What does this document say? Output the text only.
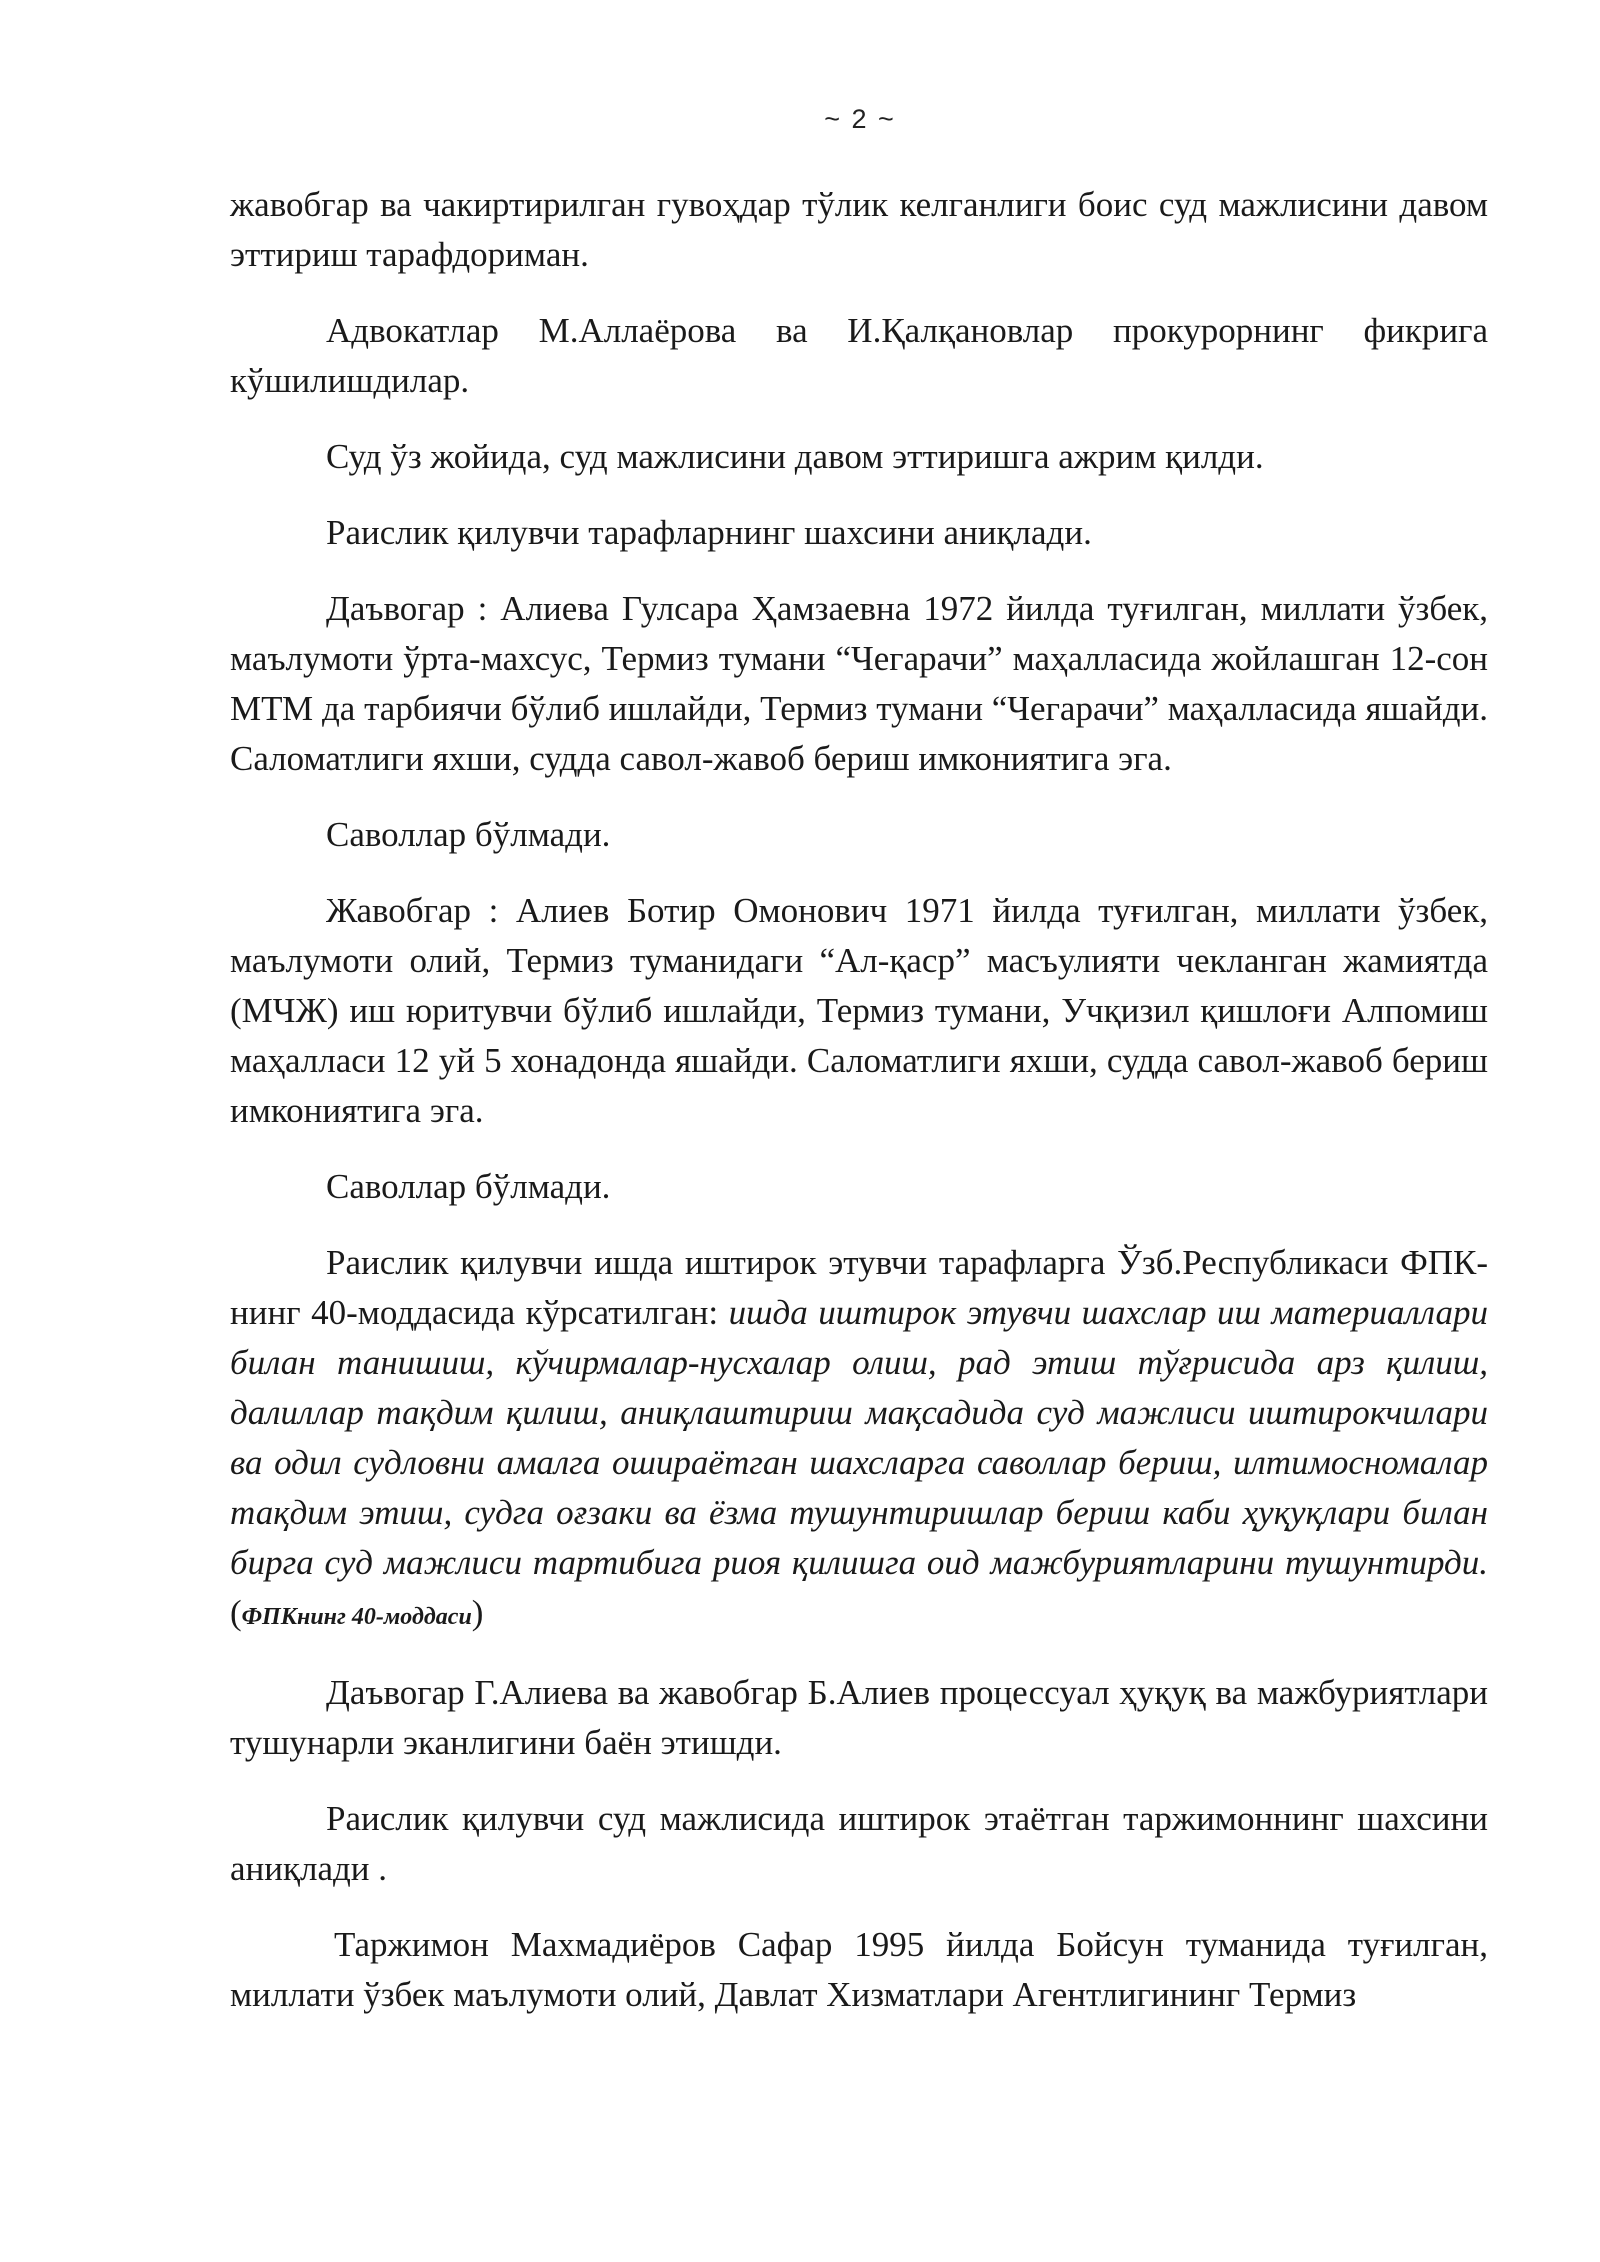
~ 2 ~

жавобгар ва чакиртирилган гувоҳдар тўлик келганлиги боис суд мажлисини давом эттириш тарафдориман.

Адвокатлар М.Аллаёрова ва И.Қалқановлар прокурорнинг фикрига кўшилишдилар.

Суд ўз жойида, суд мажлисини давом эттиришга ажрим қилди.

Раислик қилувчи тарафларнинг шахсини аниқлади.

Даъвогар : Алиева Гулсара Ҳамзаевна 1972 йилда туғилган, миллати ўзбек, маълумоти ўрта-махсус, Термиз тумани “Чегарачи” маҳалласида жойлашган 12-сон МТМ да тарбиячи бўлиб ишлайди, Термиз тумани “Чегарачи” маҳалласида яшайди. Саломатлиги яхши, судда савол-жавоб бериш имкониятига эга.

Саволлар бўлмади.

Жавобгар : Алиев Ботир Омонович 1971 йилда туғилган, миллати ўзбек, маълумоти олий, Термиз туманидаги “Ал-қаср” масъулияти чекланган жамиятда (МЧЖ) иш юритувчи бўлиб ишлайди, Термиз тумани, Учқизил қишлоғи Алпомиш маҳалласи 12 уй 5 хонадонда яшайди. Саломатлиги яхши, судда савол-жавоб бериш имкониятига эга.

Саволлар бўлмади.

Раислик қилувчи ишда иштирок этувчи тарафларга Ўзб.Республикаси ФПК-нинг 40-моддасида кўрсатилган: ишда иштирок этувчи шахслар иш материаллари билан танишиш, кўчирмалар-нусхалар олиш, рад этиш тўғрисида арз қилиш, далиллар тақдим қилиш, аниқлаштириш мақсадида суд мажлиси иштирокчилари ва одил судловни амалга ошираётган шахсларга саволлар бериш, илтимосномалар тақдим этиш, судга оғзаки ва ёзма тушунтиришлар бериш каби ҳуқуқлари билан бирга суд мажлиси тартибига риоя қилишга оид мажбуриятларини тушунтирди. (ФПКнинг 40-моддаси)

Даъвогар Г.Алиева ва жавобгар Б.Алиев процессуал ҳуқуқ ва мажбуриятлари тушунарли эканлигини баён этишди.

Раислик қилувчи суд мажлисида иштирок этаётган таржимоннинг шахсини аниқлади .

Таржимон Махмадиёров Сафар 1995 йилда Бойсун туманида туғилган, миллати ўзбек маълумоти олий, Давлат Хизматлари Агентлигининг Термиз
